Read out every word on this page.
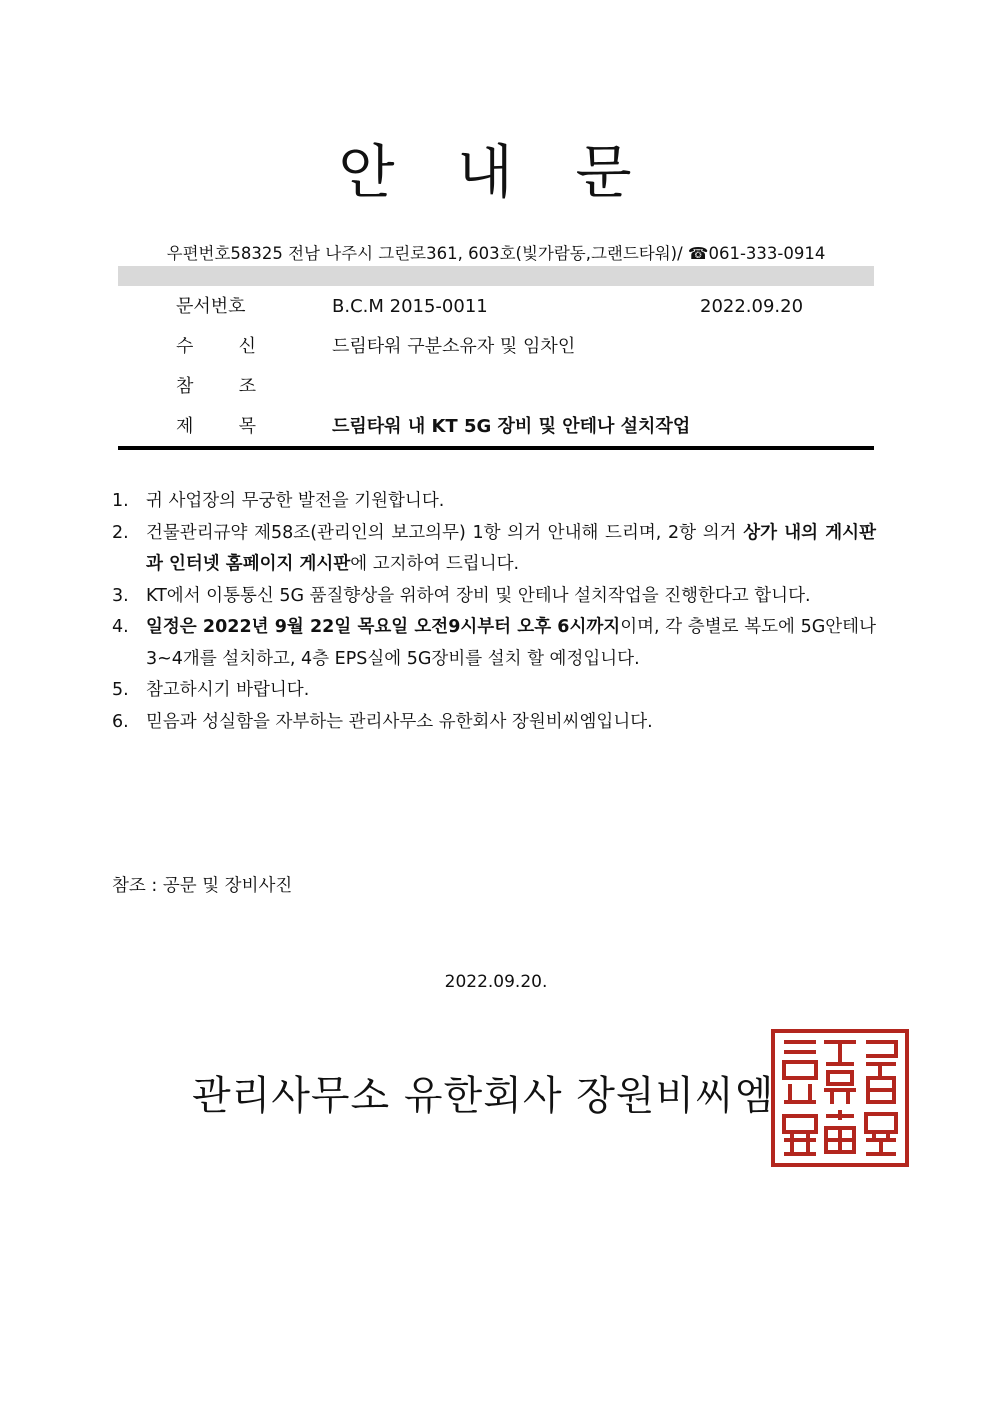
안 내 문
우편번호58325 전남 나주시 그린로361, 603호(빛가람동,그랜드타워)/ ☎061-333-0914
문서번호	B.C.M 2015-0011	2022.09.20
수	신	드림타워 구분소유자 및 임차인
참	조
제	목	드림타워 내 KT 5G 장비 및 안테나 설치작업
1. 귀 사업장의 무궁한 발전을 기원합니다.
2. 건물관리규약 제58조(관리인의 보고의무) 1항 의거 안내해 드리며, 2항 의거 상가 내의 게시판과 인터넷 홈페이지 게시판에 고지하여 드립니다.
3. KT에서 이통통신 5G 품질향상을 위하여 장비 및 안테나 설치작업을 진행한다고 합니다.
4. 일정은 2022년 9월 22일 목요일 오전9시부터 오후 6시까지이며, 각 층별로 복도에 5G안테나 3~4개를 설치하고, 4층 EPS실에 5G장비를 설치 할 예정입니다.
5. 참고하시기 바랍니다.
6. 믿음과 성실함을 자부하는 관리사무소 유한회사 장원비씨엠입니다.
참조 : 공문 및 장비사진
2022.09.20.
관리사무소 유한회사 장원비씨엠
